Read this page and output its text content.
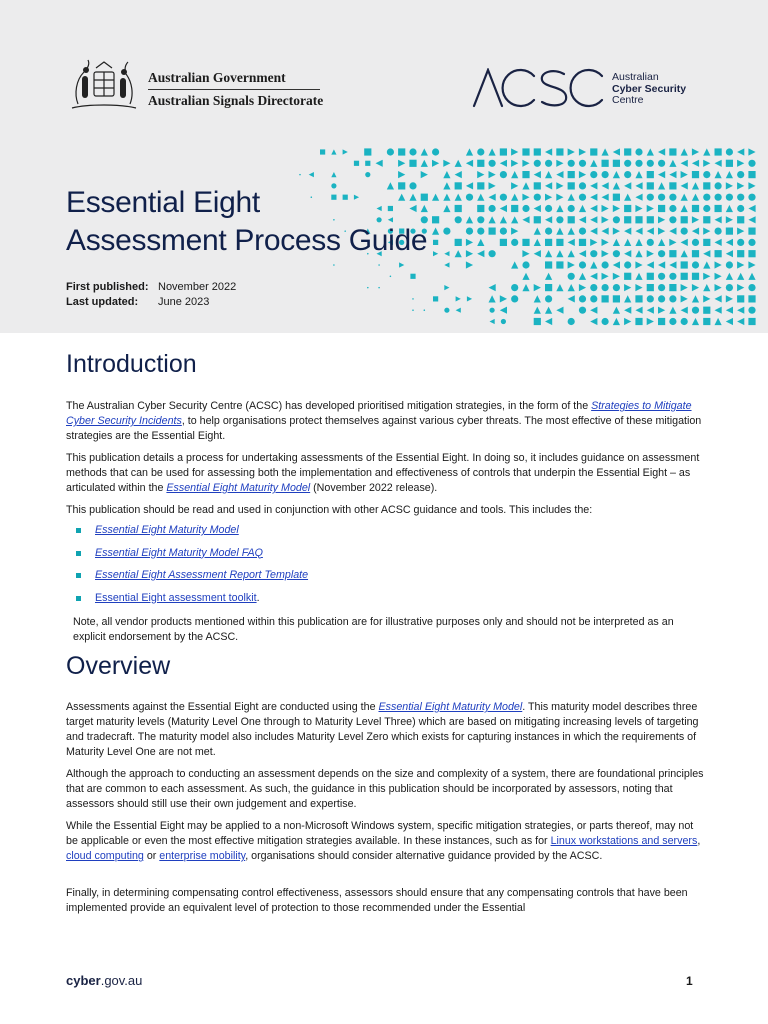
Australian Government
Australian Signals Directorate
Australian
Cyber Security
Centre
Essential Eight
Assessment Process Guide
First published: November 2022
Last updated: June 2023
Introduction

The Australian Cyber Security Centre (ACSC) has developed prioritised mitigation strategies, in the form of the Strategies to Mitigate Cyber Security Incidents, to help organisations protect themselves against various cyber threats. The most effective of these mitigation strategies are the Essential Eight.

This publication details a process for undertaking assessments of the Essential Eight. In doing so, it includes guidance on assessment methods that can be used for assessing both the implementation and effectiveness of controls that underpin the Essential Eight – as articulated within the Essential Eight Maturity Model (November 2022 release).

This publication should be read and used in conjunction with other ACSC guidance and tools. This includes the:

Essential Eight Maturity Model
Essential Eight Maturity Model FAQ
Essential Eight Assessment Report Template
Essential Eight assessment toolkit.

Note, all vendor products mentioned within this publication are for illustrative purposes only and should not be interpreted as an explicit endorsement by the ACSC.

Overview

Assessments against the Essential Eight are conducted using the Essential Eight Maturity Model. This maturity model describes three target maturity levels (Maturity Level One through to Maturity Level Three) which are based on mitigating increasing levels of targeting and tradecraft. The maturity model also includes Maturity Level Zero which exists for capturing instances in which the requirements of Maturity Level One are not met.

Although the approach to conducting an assessment depends on the size and complexity of a system, there are foundational principles that are common to each assessment. As such, the guidance in this publication should be incorporated by assessors, noting that assessors should still use their own judgement and expertise.

While the Essential Eight may be applied to a non-Microsoft Windows system, specific mitigation strategies, or parts thereof, may not be applicable or even the most effective mitigation strategies available. In these instances, such as for Linux workstations and servers, cloud computing or enterprise mobility, organisations should consider alternative guidance provided by the ACSC.

Finally, in determining compensating control effectiveness, assessors should ensure that any compensating controls that have been implemented provide an equivalent level of protection to those recommended under the Essential

cyber.gov.au	1
